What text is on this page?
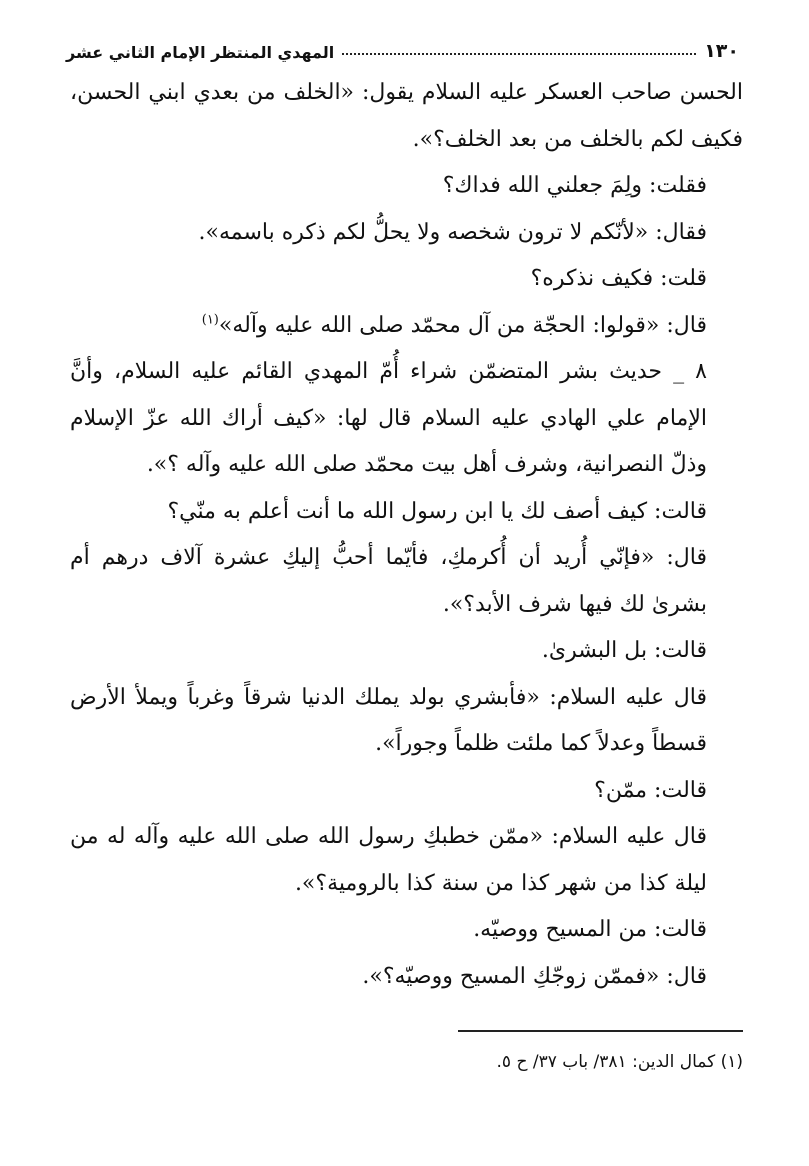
١٣٠
المهدي المنتظر الإمام الثاني عشر

الحسن صاحب العسكر عليه السلام يقول: «الخلف من بعدي ابني الحسن، فكيف لكم بالخلف من بعد الخلف؟».

فقلت: ولِمَ جعلني الله فداك؟

فقال: «لأنّكم لا ترون شخصه ولا يحلُّ لكم ذكره باسمه».

قلت: فكيف نذكره؟

قال: «قولوا: الحجّة من آل محمّد صلى الله عليه وآله»$^{(١)}$

٨ _ حديث بشر المتضمّن شراء أُمّ المهدي القائم عليه السلام، وأنَّ الإمام علي الهادي عليه السلام قال لها: «كيف أراك الله عزّ الإسلام وذلّ النصرانية، وشرف أهل بيت محمّد صلى الله عليه وآله ؟».

قالت: كيف أصف لك يا ابن رسول الله ما أنت أعلم به منّي؟

قال: «فإنّي أُريد أن أُكرمكِ، فأيّما أحبُّ إليكِ عشرة آلاف درهم أم بشرىٰ لك فيها شرف الأبد؟».

قالت: بل البشرىٰ.

قال عليه السلام: «فأبشري بولد يملك الدنيا شرقاً وغرباً ويملأ الأرض قسطاً وعدلاً كما ملئت ظلماً وجوراً».

قالت: ممّن؟

قال عليه السلام: «ممّن خطبكِ رسول الله صلى الله عليه وآله له من ليلة كذا من شهر كذا من سنة كذا بالرومية؟».

قالت: من المسيح ووصيّه.

قال: «فممّن زوجّكِ المسيح ووصيّه؟».

(١) كمال الدين: ٣٨١/ باب ٣٧/ ح ٥.
